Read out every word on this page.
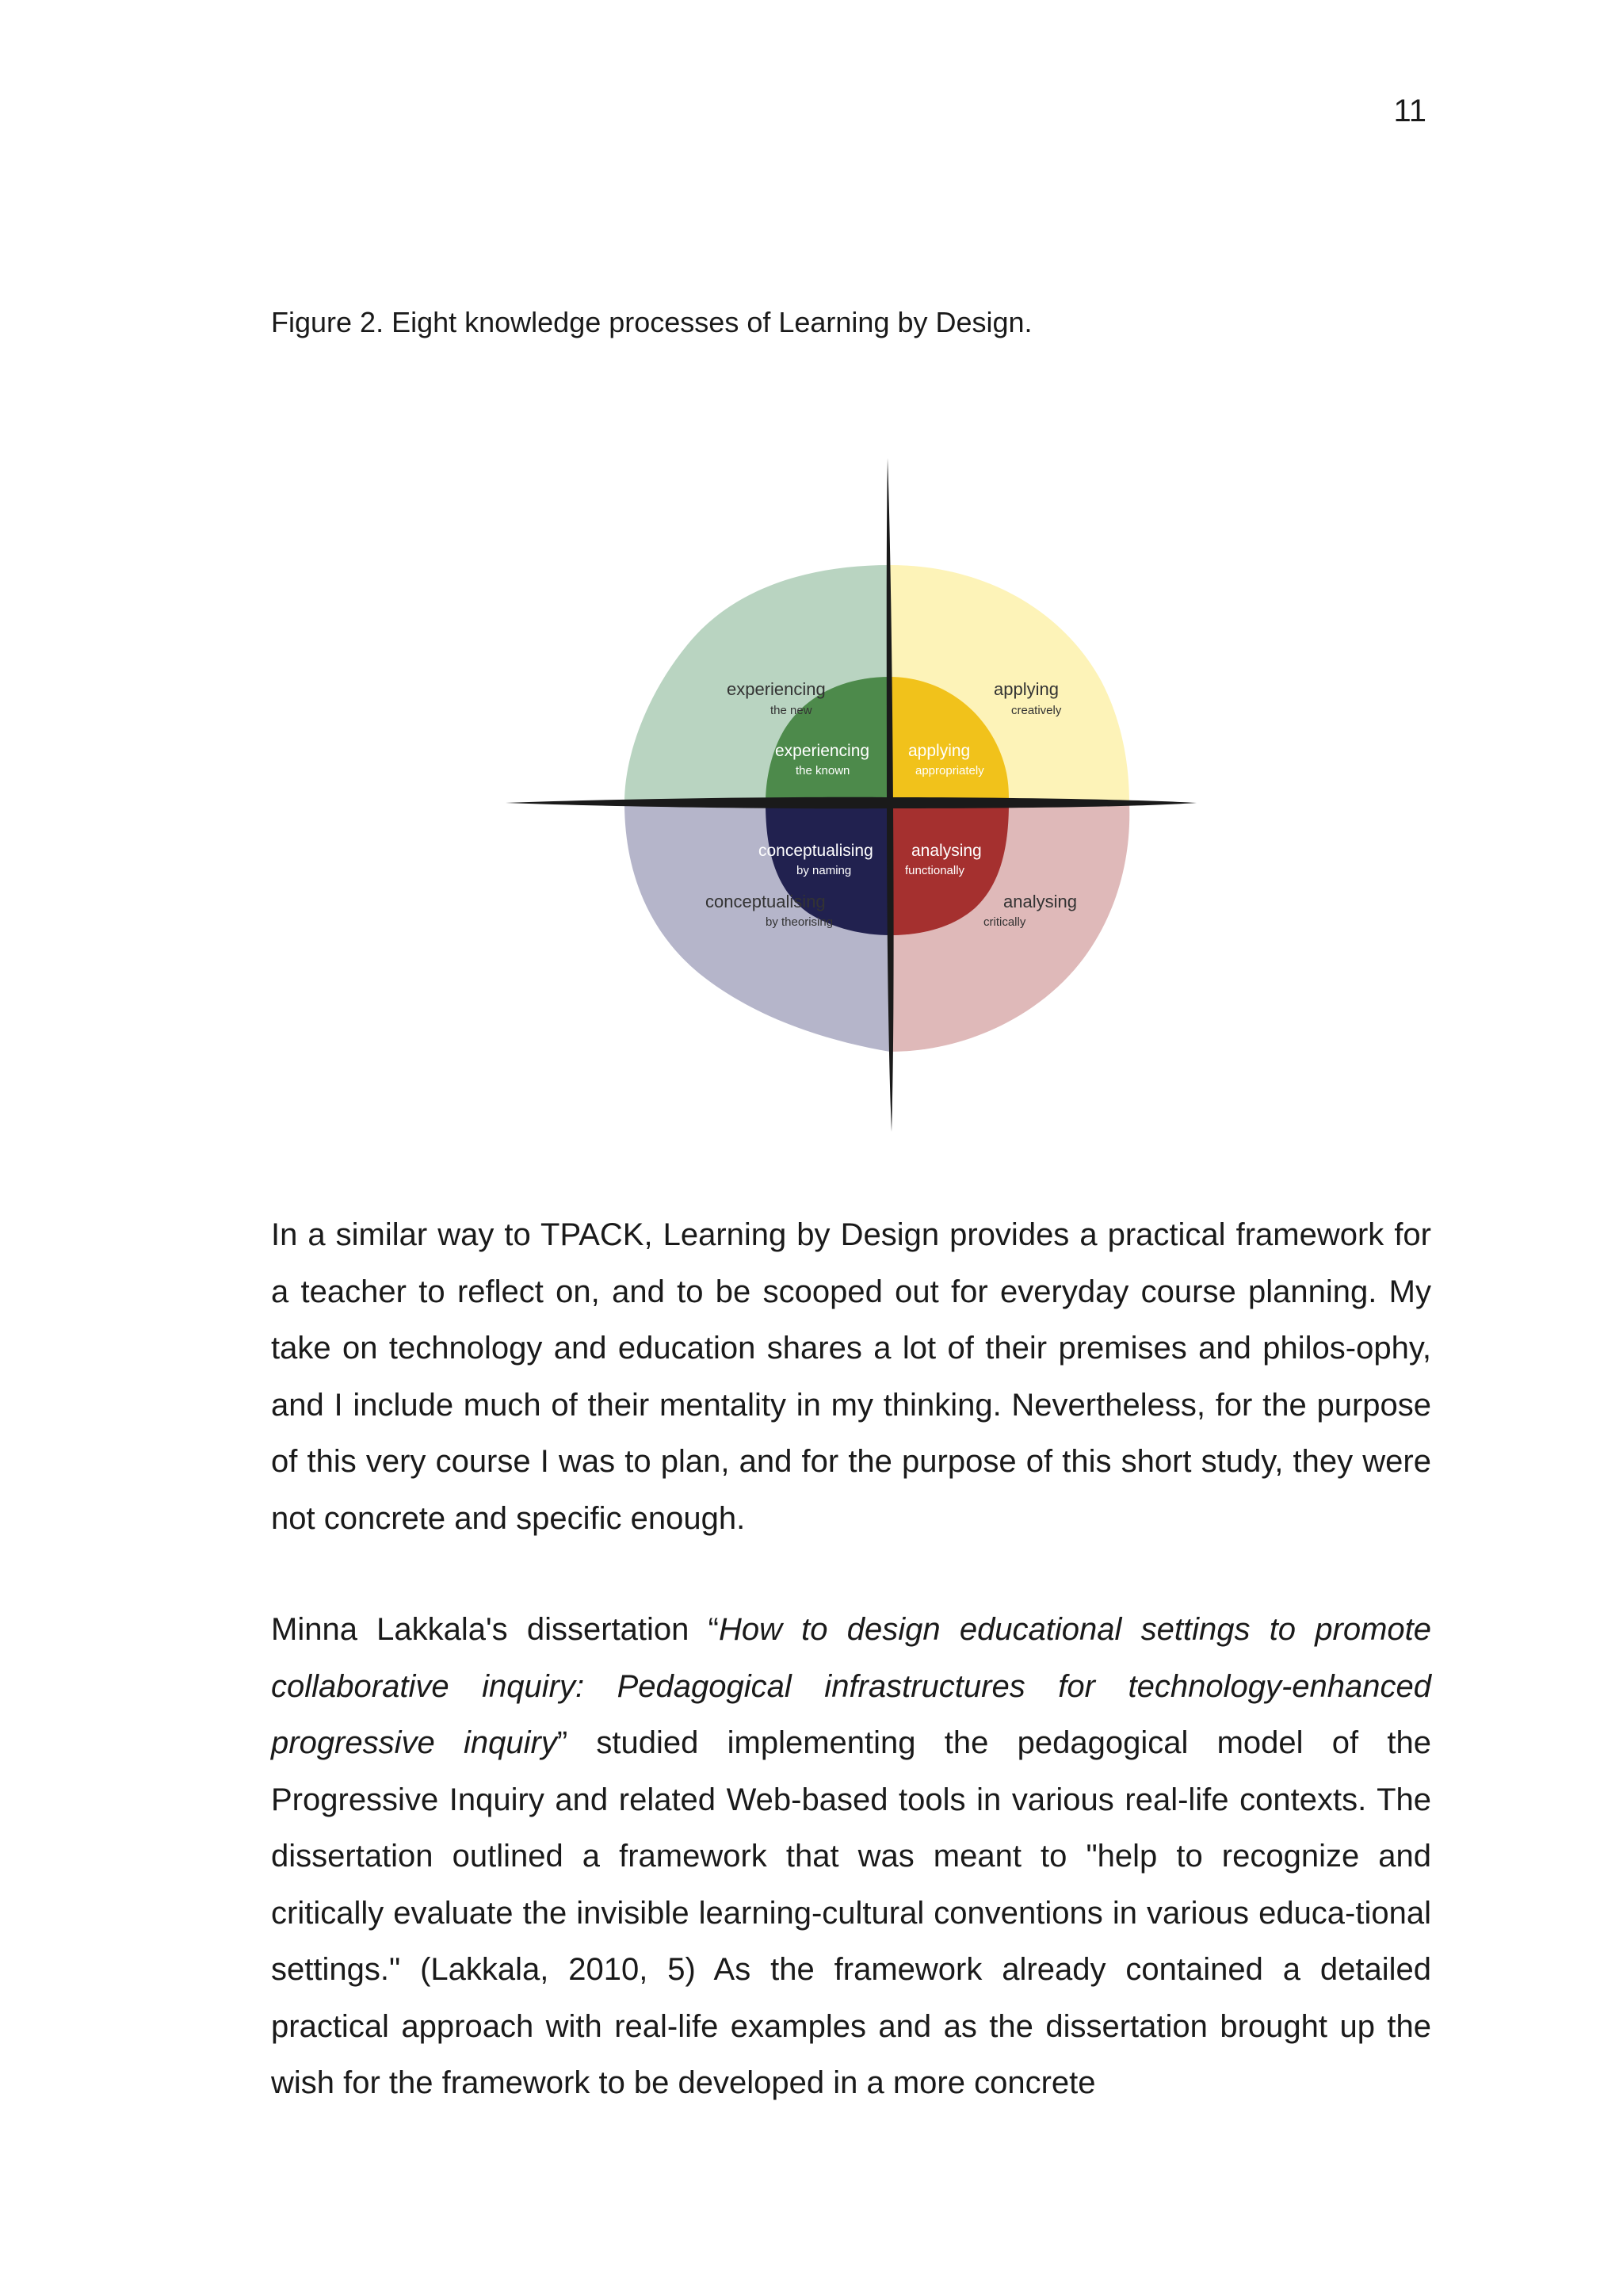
11
Figure 2. Eight knowledge processes of Learning by Design.
experiencing
the new
applying
creatively
conceptualising
by theorising
analysing
critically
experiencing
the known
applying
appropriately
conceptualising
by naming
analysing
functionally

In a similar way to TPACK, Learning by Design provides a practical framework for a teacher to reflect on, and to be scooped out for everyday course planning. My take on technology and education shares a lot of their premises and philos-ophy, and I include much of their mentality in my thinking. Nevertheless, for the purpose of this very course I was to plan, and for the purpose of this short study, they were not concrete and specific enough.

Minna Lakkala's dissertation “How to design educational settings to promote collaborative inquiry: Pedagogical infrastructures for technology-enhanced progressive inquiry” studied implementing the pedagogical model of the Progressive Inquiry and related Web-based tools in various real-life contexts. The dissertation outlined a framework that was meant to "help to recognize and critically evaluate the invisible learning-cultural conventions in various educa-tional settings." (Lakkala, 2010, 5) As the framework already contained a detailed practical approach with real-life examples and as the dissertation brought up the wish for the framework to be developed in a more concrete
